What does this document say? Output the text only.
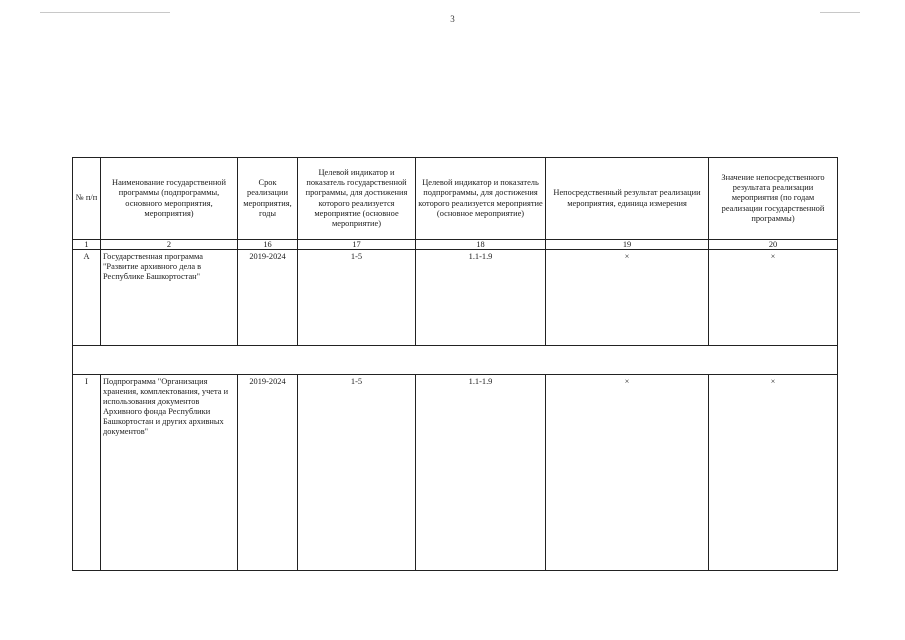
3
№ п/п	Наименование государственной программы (подпрограммы, основного мероприятия, мероприятия)	Срок реализации мероприятия, годы	Целевой индикатор и показатель государственной программы, для достижения которого реализуется мероприятие (основное мероприятие)	Целевой индикатор и показатель подпрограммы, для достижения которого реализуется мероприятие (основное мероприятие)	Непосредственный результат реализации мероприятия, единица измерения	Значение непосредственного результата реализации мероприятия (по годам реализации государственной программы)
1	2	16	17	18	19	20
А	Государственная программа "Развитие архивного дела в Республике Башкортостан"	2019-2024	1-5	1.1-1.9	×	×

I	Подпрограмма "Организация хранения, комплектования, учета и использования документов Архивного фонда Республики Башкортостан и других архивных документов"	2019-2024	1-5	1.1-1.9	×	×
